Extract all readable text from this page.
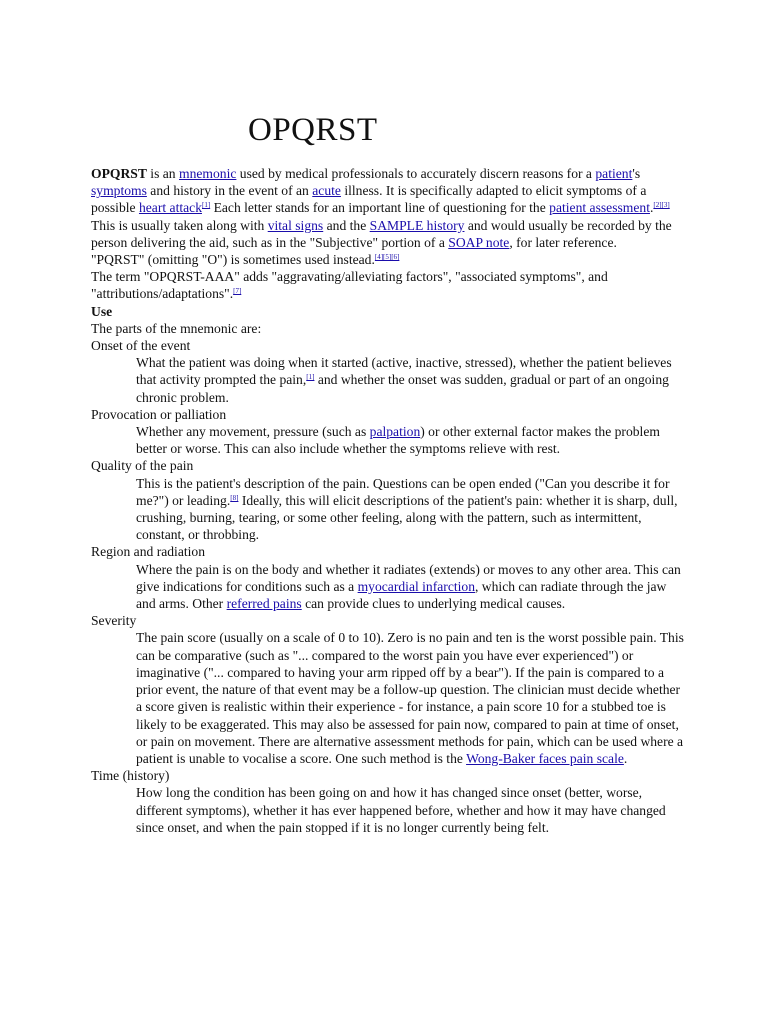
OPQRST

OPQRST is an mnemonic used by medical professionals to accurately discern reasons for a patient's symptoms and history in the event of an acute illness. It is specifically adapted to elicit symptoms of a possible heart attack[1] Each letter stands for an important line of questioning for the patient assessment.[2][3] This is usually taken along with vital signs and the SAMPLE history and would usually be recorded by the person delivering the aid, such as in the "Subjective" portion of a SOAP note, for later reference.

"PQRST" (omitting "O") is sometimes used instead.[4][5][6]

The term "OPQRST-AAA" adds "aggravating/alleviating factors", "associated symptoms", and "attributions/adaptations".[7]

Use

The parts of the mnemonic are:

Onset of the event
What the patient was doing when it started (active, inactive, stressed), whether the patient believes that activity prompted the pain,[1] and whether the onset was sudden, gradual or part of an ongoing chronic problem.
Provocation or palliation
Whether any movement, pressure (such as palpation) or other external factor makes the problem better or worse. This can also include whether the symptoms relieve with rest.
Quality of the pain
This is the patient's description of the pain. Questions can be open ended ("Can you describe it for me?") or leading.[8] Ideally, this will elicit descriptions of the patient's pain: whether it is sharp, dull, crushing, burning, tearing, or some other feeling, along with the pattern, such as intermittent, constant, or throbbing.
Region and radiation
Where the pain is on the body and whether it radiates (extends) or moves to any other area. This can give indications for conditions such as a myocardial infarction, which can radiate through the jaw and arms. Other referred pains can provide clues to underlying medical causes.
Severity
The pain score (usually on a scale of 0 to 10). Zero is no pain and ten is the worst possible pain. This can be comparative (such as "... compared to the worst pain you have ever experienced") or imaginative ("... compared to having your arm ripped off by a bear"). If the pain is compared to a prior event, the nature of that event may be a follow-up question. The clinician must decide whether a score given is realistic within their experience - for instance, a pain score 10 for a stubbed toe is likely to be exaggerated. This may also be assessed for pain now, compared to pain at time of onset, or pain on movement. There are alternative assessment methods for pain, which can be used where a patient is unable to vocalise a score. One such method is the Wong-Baker faces pain scale.
Time (history)
How long the condition has been going on and how it has changed since onset (better, worse, different symptoms), whether it has ever happened before, whether and how it may have changed since onset, and when the pain stopped if it is no longer currently being felt.
